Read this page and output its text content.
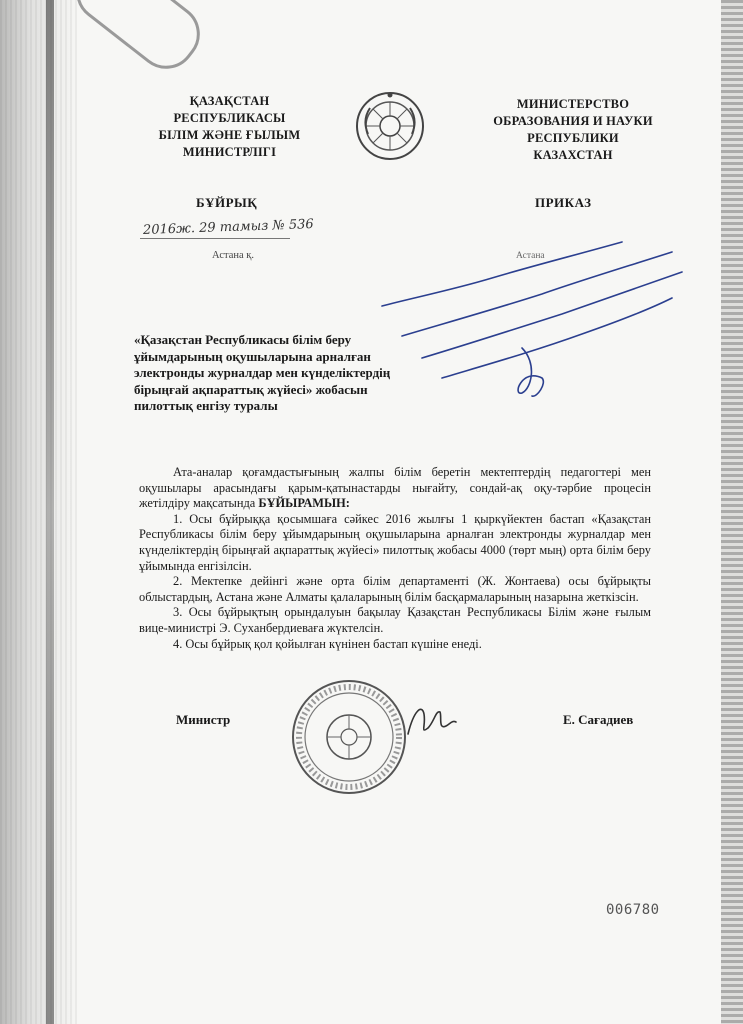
ҚАЗАҚСТАН
РЕСПУБЛИКАСЫ
БІЛІМ ЖӘНЕ ҒЫЛЫМ
МИНИСТРЛІГІ
МИНИСТЕРСТВО
ОБРАЗОВАНИЯ И НАУКИ
РЕСПУБЛИКИ
КАЗАХСТАН
БҰЙРЫҚ	ПРИКАЗ
2016ж. 29 тамыз № 536
Астана қ.	Астана
«Қазақстан Республикасы білім беру ұйымдарының оқушыларына арналған электронды журналдар мен күнделіктердің бірыңғай ақпараттық жүйесі» жобасын пилоттық енгізу туралы

Ата-аналар қоғамдастығының жалпы білім беретін мектептердің педагогтері мен оқушылары арасындағы қарым-қатынастарды нығайту, сондай-ақ оқу-тәрбие процесін жетілдіру мақсатында БҰЙЫРАМЫН:

1. Осы бұйрыққа қосымшаға сәйкес 2016 жылғы 1 қыркүйектен бастап «Қазақстан Республикасы білім беру ұйымдарының оқушыларына арналған электронды журналдар мен күнделіктердің бірыңғай ақпараттық жүйесі» пилоттық жобасы 4000 (төрт мың) орта білім беру ұйымында енгізілсін.

2. Мектепке дейінгі және орта білім департаменті (Ж. Жонтаева) осы бұйрықты облыстардың, Астана және Алматы қалаларының білім басқармаларының назарына жеткізсін.

3. Осы бұйрықтың орындалуын бақылау Қазақстан Республикасы Білім және ғылым вице-министрі Э. Суханбердиеваға жүктелсін.

4. Осы бұйрық қол қойылған күнінен бастап күшіне енеді.

Министр	Е. Сағадиев
006780
